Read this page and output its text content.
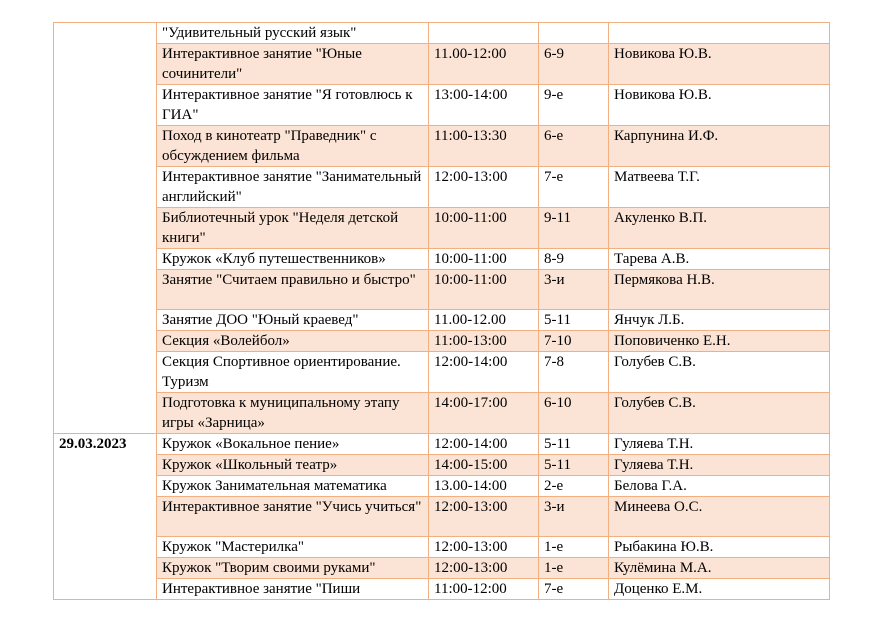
	"Удивительный русский язык"			
	Интерактивное занятие "Юные сочинители"	11.00-12:00	6-9	Новикова Ю.В.
	Интерактивное занятие "Я готовлюсь к ГИА"	13:00-14:00	9-е	Новикова Ю.В.
	Поход в кинотеатр "Праведник" с обсуждением фильма	11:00-13:30	6-е	Карпунина И.Ф.
	Интерактивное занятие "Занимательный английский"	12:00-13:00	7-е	Матвеева Т.Г.
	Библиотечный урок "Неделя детской книги"	10:00-11:00	9-11	Акуленко В.П.
	Кружок «Клуб путешественников»	10:00-11:00	8-9	Тарева А.В.
	Занятие "Считаем правильно и быстро"	10:00-11:00	3-и	Пермякова Н.В.
	Занятие ДОО "Юный краевед"	11.00-12.00	5-11	Янчук Л.Б.
	Секция «Волейбол»	11:00-13:00	7-10	Поповиченко Е.Н.
	Секция Спортивное ориентирование. Туризм	12:00-14:00	7-8	Голубев С.В.
	Подготовка к муниципальному этапу игры «Зарница»	14:00-17:00	6-10	Голубев С.В.
29.03.2023	Кружок «Вокальное пение»	12:00-14:00	5-11	Гуляева Т.Н.
	Кружок «Школьный театр»	14:00-15:00	5-11	Гуляева Т.Н.
	Кружок Занимательная математика	13.00-14:00	2-е	Белова Г.А.
	Интерактивное занятие "Учись учиться"	12:00-13:00	3-и	Минеева О.С.
	Кружок "Мастерилка"	12:00-13:00	1-е	Рыбакина Ю.В.
	Кружок "Творим своими руками"	12:00-13:00	1-е	Кулёмина М.А.
	Интерактивное занятие "Пиши	11:00-12:00	7-е	Доценко Е.М.
